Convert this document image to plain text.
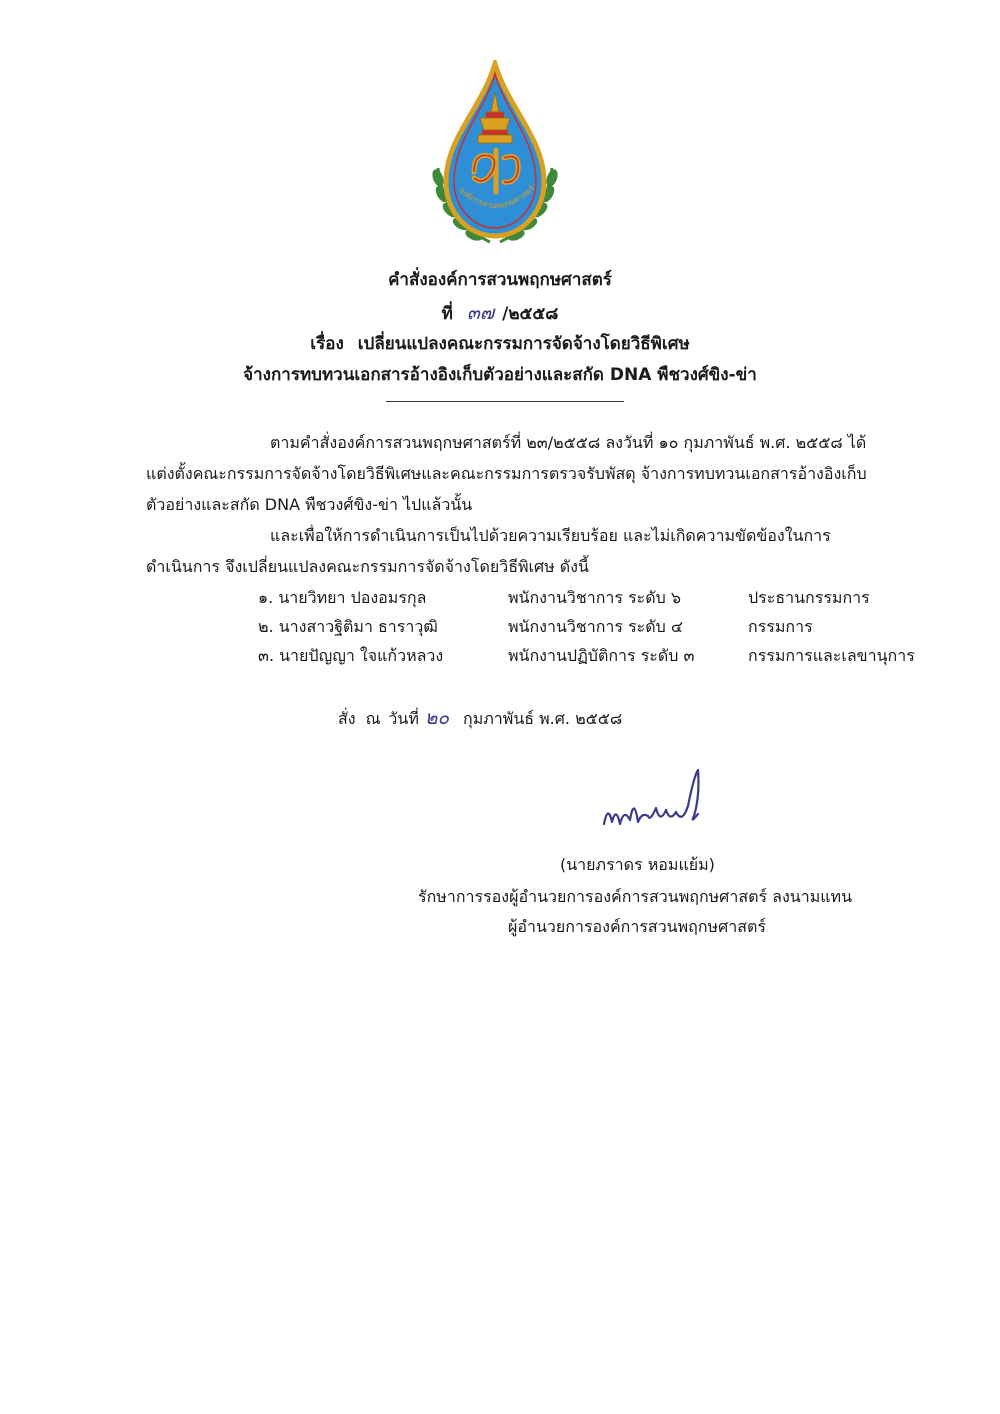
องค์การสวนพฤกษศาสตร์
คำสั่งองค์การสวนพฤกษศาสตร์
ที่ ๓๗ /๒๕๕๘
เรื่อง เปลี่ยนแปลงคณะกรรมการจัดจ้างโดยวิธีพิเศษ
จ้างการทบทวนเอกสารอ้างอิงเก็บตัวอย่างและสกัด DNA พืชวงศ์ขิง-ข่า
ตามคำสั่งองค์การสวนพฤกษศาสตร์ที่ ๒๓/๒๕๕๘ ลงวันที่ ๑๐ กุมภาพันธ์ พ.ศ. ๒๕๕๘ ได้
แต่งตั้งคณะกรรมการจัดจ้างโดยวิธีพิเศษและคณะกรรมการตรวจรับพัสดุ จ้างการทบทวนเอกสารอ้างอิงเก็บ
ตัวอย่างและสกัด DNA พืชวงศ์ขิง-ข่า ไปแล้วนั้น
และเพื่อให้การดำเนินการเป็นไปด้วยความเรียบร้อย และไม่เกิดความขัดข้องในการ
ดำเนินการ จึงเปลี่ยนแปลงคณะกรรมการจัดจ้างโดยวิธีพิเศษ ดังนี้
๑. นายวิทยา ปองอมรกุล	พนักงานวิชาการ ระดับ ๖	ประธานกรรมการ
๒. นางสาวฐิติมา ธาราวุฒิ	พนักงานวิชาการ ระดับ ๔	กรรมการ
๓. นายปัญญา ใจแก้วหลวง	พนักงานปฏิบัติการ ระดับ ๓	กรรมการและเลขานุการ
สั่ง ณ วันที่ ๒๐ กุมภาพันธ์ พ.ศ. ๒๕๕๘
(นายภราดร หอมแย้ม)
รักษาการรองผู้อำนวยการองค์การสวนพฤกษศาสตร์ ลงนามแทน
ผู้อำนวยการองค์การสวนพฤกษศาสตร์
